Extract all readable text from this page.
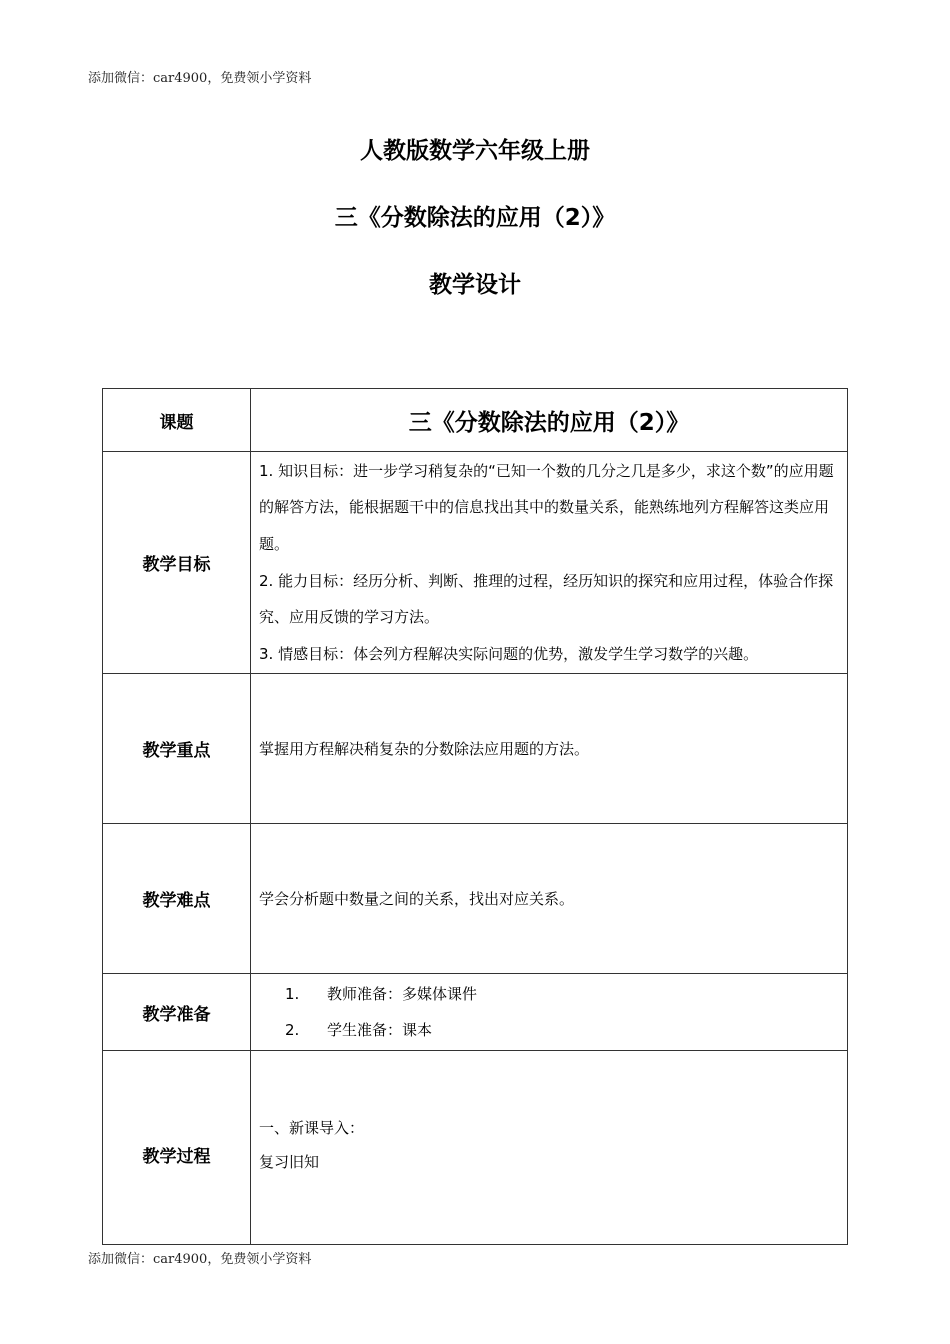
添加微信：car4900，免费领小学资料
人教版数学六年级上册
三《分数除法的应用（2）》
教学设计
课题	三《分数除法的应用（2）》
教学目标	1. 知识目标：进一步学习稍复杂的“已知一个数的几分之几是多少，求这个数”的应用题的解答方法，能根据题干中的信息找出其中的数量关系，能熟练地列方程解答这类应用题。

2. 能力目标：经历分析、判断、推理的过程，经历知识的探究和应用过程，体验合作探究、应用反馈的学习方法。

3. 情感目标：体会列方程解决实际问题的优势，激发学生学习数学的兴趣。

教学重点	掌握用方程解决稍复杂的分数除法应用题的方法。
教学难点	学会分析题中数量之间的关系，找出对应关系。
教学准备	1. 教师准备：多媒体课件
2. 学生准备：课本

教学过程	一、新课导入：

复习旧知

添加微信：car4900，免费领小学资料
